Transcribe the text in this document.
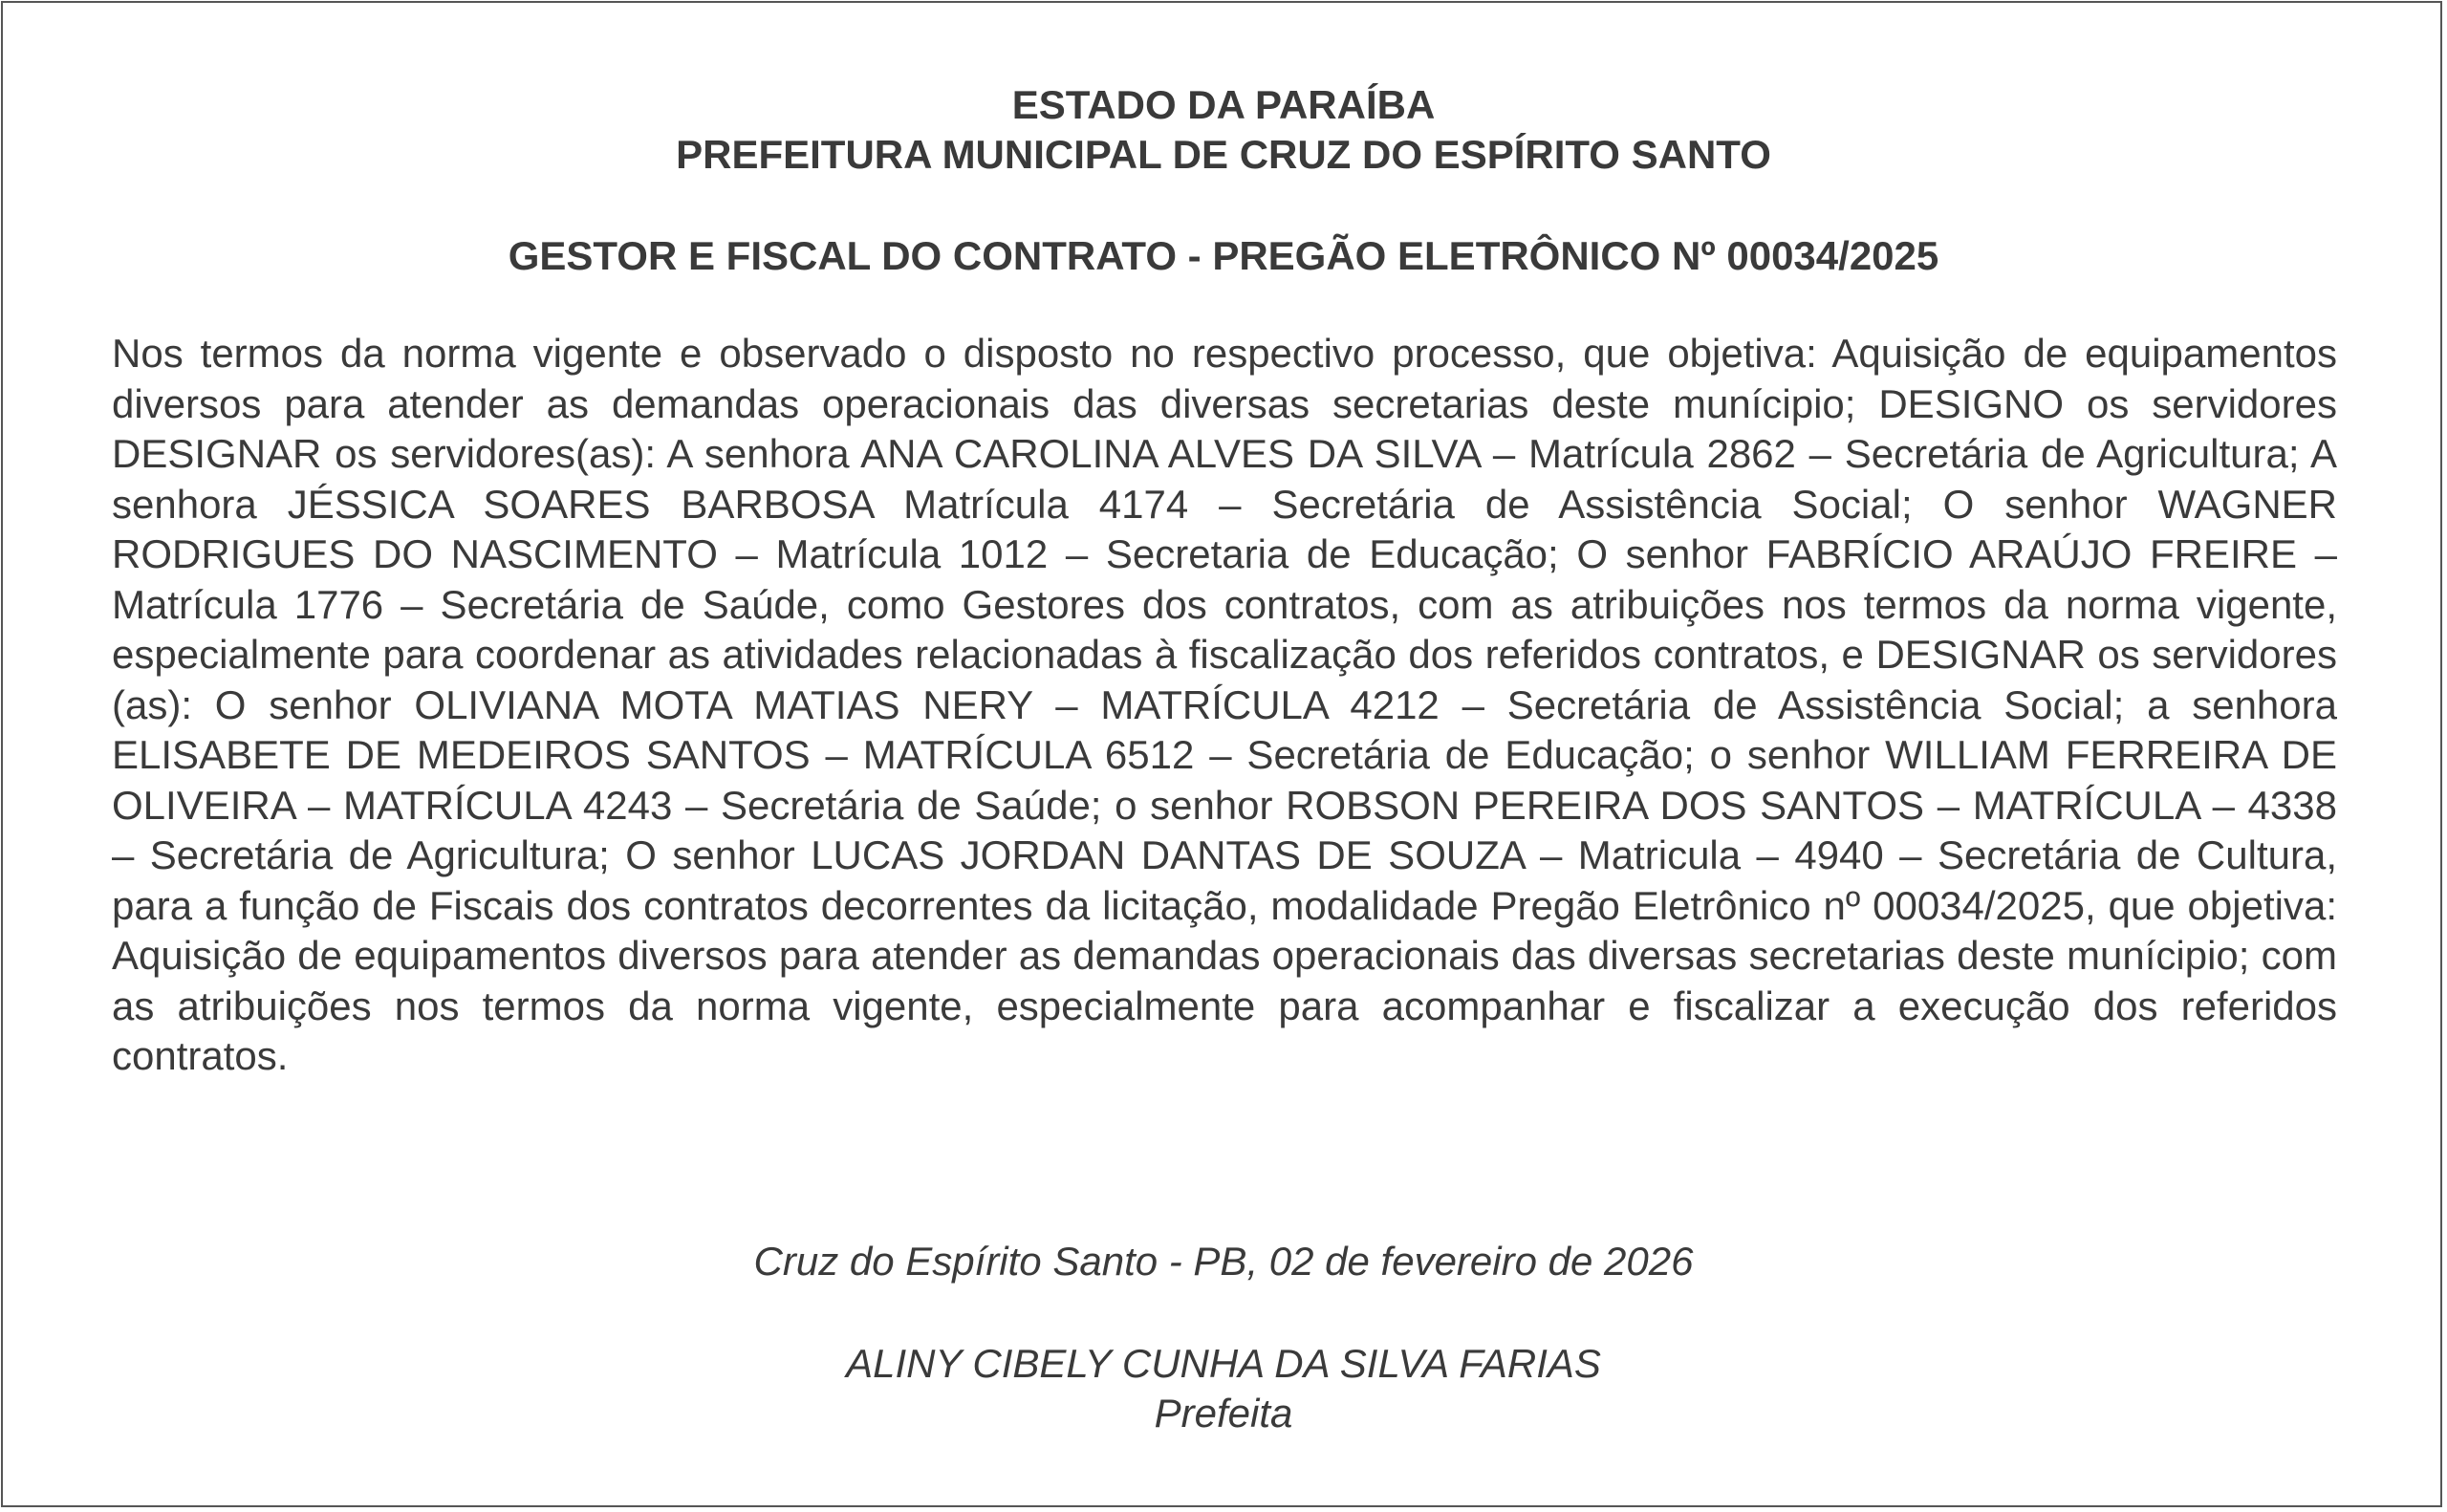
ESTADO DA PARAÍBA
PREFEITURA MUNICIPAL DE CRUZ DO ESPÍRITO SANTO
GESTOR E FISCAL DO CONTRATO - PREGÃO ELETRÔNICO Nº 00034/2025
Nos termos da norma vigente e observado o disposto no respectivo processo, que objetiva: Aquisição de equipamentos diversos para atender as demandas operacionais das diversas secretarias deste munícipio; DESIGNO os servidores DESIGNAR os servidores(as): A senhora ANA CAROLINA ALVES DA SILVA – Matrícula 2862 – Secretária de Agricultura; A senhora JÉSSICA SOARES BARBOSA Matrícula 4174 – Secretária de Assistência Social; O senhor WAGNER RODRIGUES DO NASCIMENTO – Matrícula 1012 – Secretaria de Educação; O senhor FABRÍCIO ARAÚJO FREIRE – Matrícula 1776 – Secretária de Saúde, como Gestores dos contratos, com as atribuições nos termos da norma vigente, especialmente para coordenar as atividades relacionadas à fiscalização dos referidos contratos, e DESIGNAR os servidores (as): O senhor OLIVIANA MOTA MATIAS NERY – MATRÍCULA 4212 – Secretária de Assistência Social; a senhora ELISABETE DE MEDEIROS SANTOS – MATRÍCULA 6512 – Secretária de Educação; o senhor WILLIAM FERREIRA DE OLIVEIRA – MATRÍCULA 4243 – Secretária de Saúde; o senhor ROBSON PEREIRA DOS SANTOS – MATRÍCULA – 4338 – Secretária de Agricultura; O senhor LUCAS JORDAN DANTAS DE SOUZA – Matricula – 4940 – Secretária de Cultura, para a função de Fiscais dos contratos decorrentes da licitação, modalidade Pregão Eletrônico nº 00034/2025, que objetiva: Aquisição de equipamentos diversos para atender as demandas operacionais das diversas secretarias deste munícipio; com as atribuições nos termos da norma vigente, especialmente para acompanhar e fiscalizar a execução dos referidos contratos.
Cruz do Espírito Santo - PB, 02 de fevereiro de 2026
ALINY CIBELY CUNHA DA SILVA FARIAS
Prefeita
